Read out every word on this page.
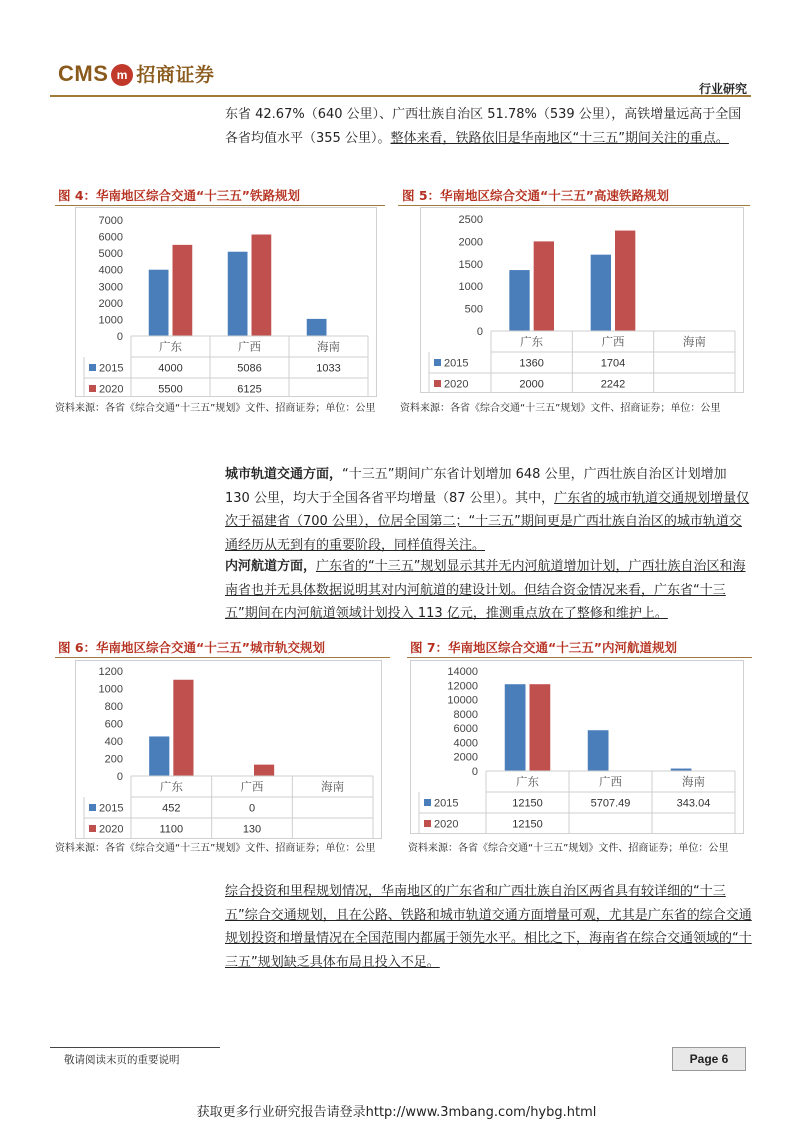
CMS m 招商证券
行业研究
东省 42.67%（640 公里）、广西壮族自治区 51.78%（539 公里），高铁增量远高于全国各省均值水平（355 公里）。整体来看，铁路依旧是华南地区“十三五”期间关注的重点。
图 4：华南地区综合交通“十三五”铁路规划
0
1000
2000
3000
4000
5000
6000
7000
广东	广西	海南
2015	4000	5086	1033
2020	5500	6125
资料来源：各省《综合交通“十三五”规划》文件、招商证券；单位：公里
图 5：华南地区综合交通“十三五”高速铁路规划
0
500
1000
1500
2000
2500
广东	广西	海南
2015	1360	1704
2020	2000	2242
资料来源：各省《综合交通“十三五”规划》文件、招商证券；单位：公里
城市轨道交通方面，“十三五”期间广东省计划增加 648 公里，广西壮族自治区计划增加 130 公里，均大于全国各省平均增量（87 公里）。其中，广东省的城市轨道交通规划增量仅次于福建省（700 公里），位居全国第二；“十三五”期间更是广西壮族自治区的城市轨道交通经历从无到有的重要阶段，同样值得关注。
内河航道方面，广东省的“十三五”规划显示其并无内河航道增加计划，广西壮族自治区和海南省也并无具体数据说明其对内河航道的建设计划。但结合资金情况来看，广东省“十三五”期间在内河航道领域计划投入 113 亿元，推测重点放在了整修和维护上。
图 6：华南地区综合交通“十三五”城市轨交规划
0
200
400
600
800
1000
1200
广东	广西	海南
2015	452	0
2020	1100	130
资料来源：各省《综合交通“十三五”规划》文件、招商证券；单位：公里
图 7：华南地区综合交通“十三五”内河航道规划
0
2000
4000
6000
8000
10000
12000
14000
广东	广西	海南
2015	12150	5707.49	343.04
2020	12150
资料来源：各省《综合交通“十三五”规划》文件、招商证券；单位：公里
综合投资和里程规划情况，华南地区的广东省和广西壮族自治区两省具有较详细的“十三五”综合交通规划，且在公路、铁路和城市轨道交通方面增量可观，尤其是广东省的综合交通规划投资和增量情况在全国范围内都属于领先水平。相比之下，海南省在综合交通领域的“十三五”规划缺乏具体布局且投入不足。
敬请阅读末页的重要说明	Page 6
获取更多行业研究报告请登录http://www.3mbang.com/hybg.html
